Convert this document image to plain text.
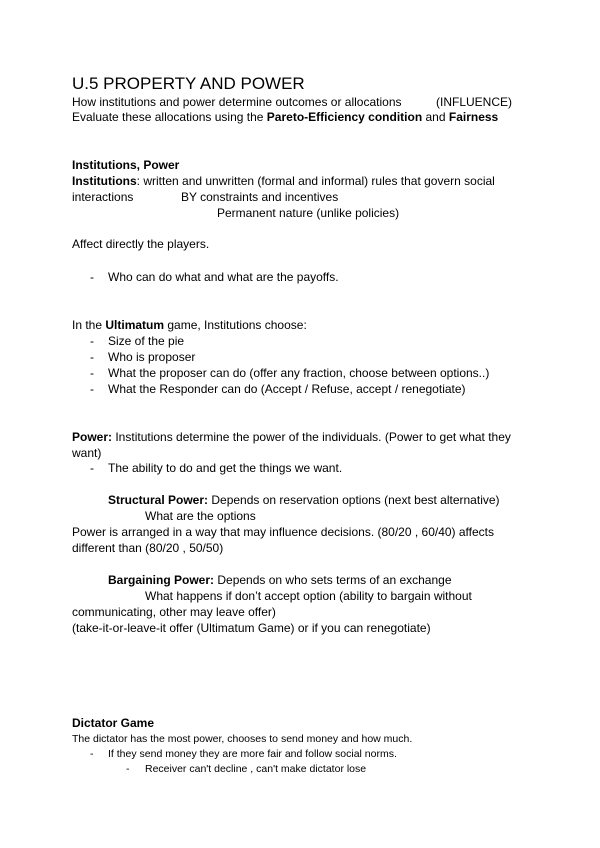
U.5 PROPERTY AND POWER
How institutions and power determine outcomes or allocations	(INFLUENCE)
Evaluate these allocations using the Pareto-Efficiency condition and Fairness
Institutions, Power
Institutions: written and unwritten (formal and informal) rules that govern social
interactions	BY constraints and incentives
Permanent nature (unlike policies)
Affect directly the players.
- Who can do what and what are the payoffs.
In the Ultimatum game, Institutions choose:
- Size of the pie
- Who is proposer
- What the proposer can do (offer any fraction, choose between options..)
- What the Responder can do (Accept / Refuse, accept / renegotiate)
Power: Institutions determine the power of the individuals. (Power to get what they
want)
- The ability to do and get the things we want.
Structural Power: Depends on reservation options (next best alternative)
What are the options
Power is arranged in a way that may influence decisions. (80/20 , 60/40) affects
different than (80/20 , 50/50)
Bargaining Power: Depends on who sets terms of an exchange
What happens if don’t accept option (ability to bargain without
communicating, other may leave offer)
(take-it-or-leave-it offer (Ultimatum Game) or if you can renegotiate)
Dictator Game
The dictator has the most power, chooses to send money and how much.
- If they send money they are more fair and follow social norms.
- Receiver can't decline , can't make dictator lose
